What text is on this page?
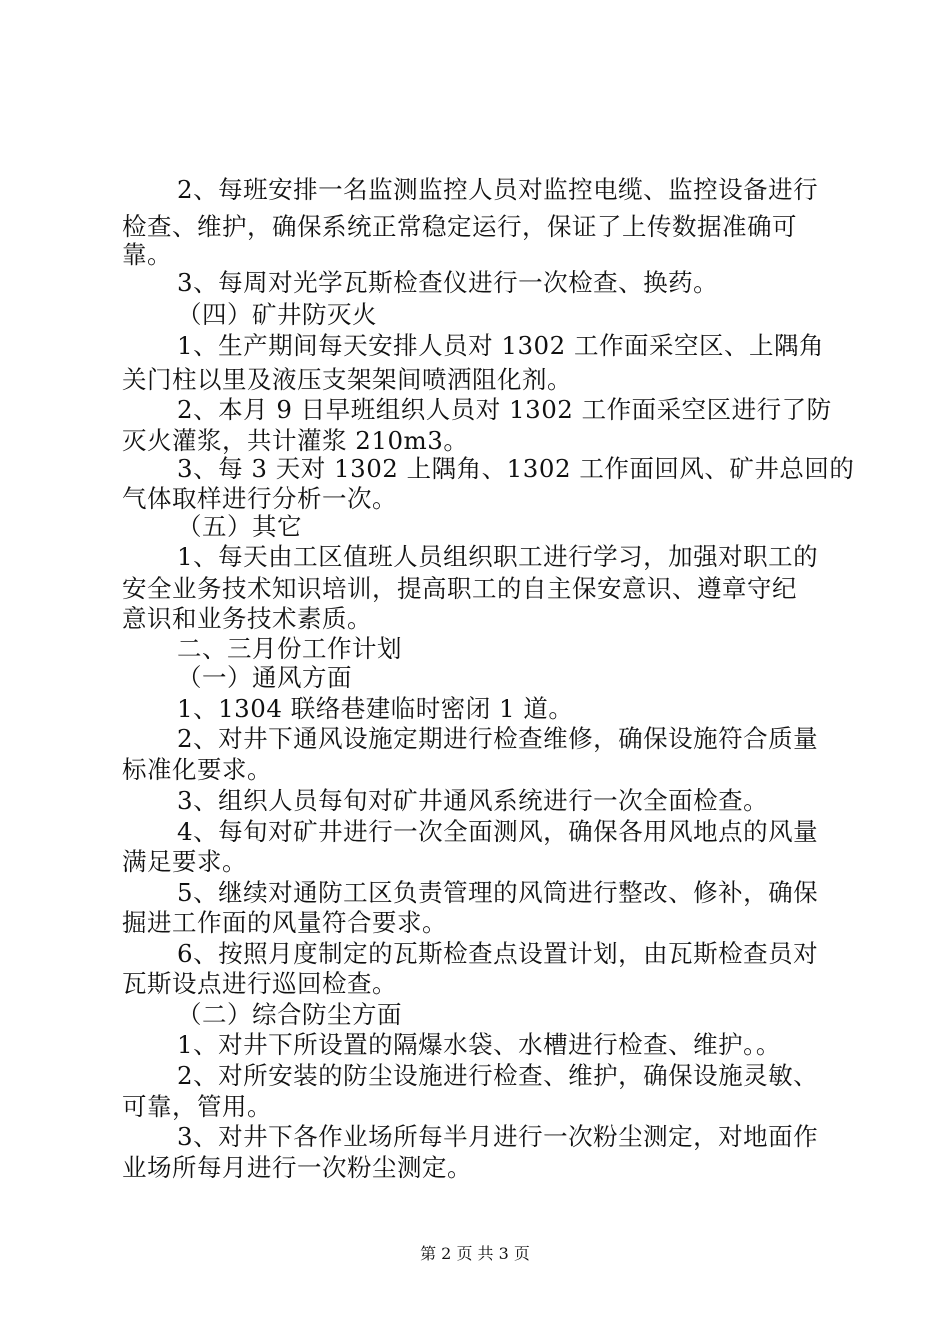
2、每班安排一名监测监控人员对监控电缆、监控设备进行
检查、维护，确保系统正常稳定运行，保证了上传数据准确可
靠。
3、每周对光学瓦斯检查仪进行一次检查、换药。
（四）矿井防灭火
1、生产期间每天安排人员对 1302 工作面采空区、上隅角
关门柱以里及液压支架架间喷洒阻化剂。
2、本月 9 日早班组织人员对 1302 工作面采空区进行了防
灭火灌浆，共计灌浆 210m3。
3、每 3 天对 1302 上隅角、1302 工作面回风、矿井总回的
气体取样进行分析一次。
（五）其它
1、每天由工区值班人员组织职工进行学习，加强对职工的
安全业务技术知识培训，提高职工的自主保安意识、遵章守纪
意识和业务技术素质。
二、三月份工作计划
（一）通风方面
1、1304 联络巷建临时密闭 1 道。
2、对井下通风设施定期进行检查维修，确保设施符合质量
标准化要求。
3、组织人员每旬对矿井通风系统进行一次全面检查。
4、每旬对矿井进行一次全面测风，确保各用风地点的风量
满足要求。
5、继续对通防工区负责管理的风筒进行整改、修补，确保
掘进工作面的风量符合要求。
6、按照月度制定的瓦斯检查点设置计划，由瓦斯检查员对
瓦斯设点进行巡回检查。
（二）综合防尘方面
1、对井下所设置的隔爆水袋、水槽进行检查、维护。。
2、对所安装的防尘设施进行检查、维护，确保设施灵敏、
可靠，管用。
3、对井下各作业场所每半月进行一次粉尘测定，对地面作
业场所每月进行一次粉尘测定。
第 2 页 共 3 页
